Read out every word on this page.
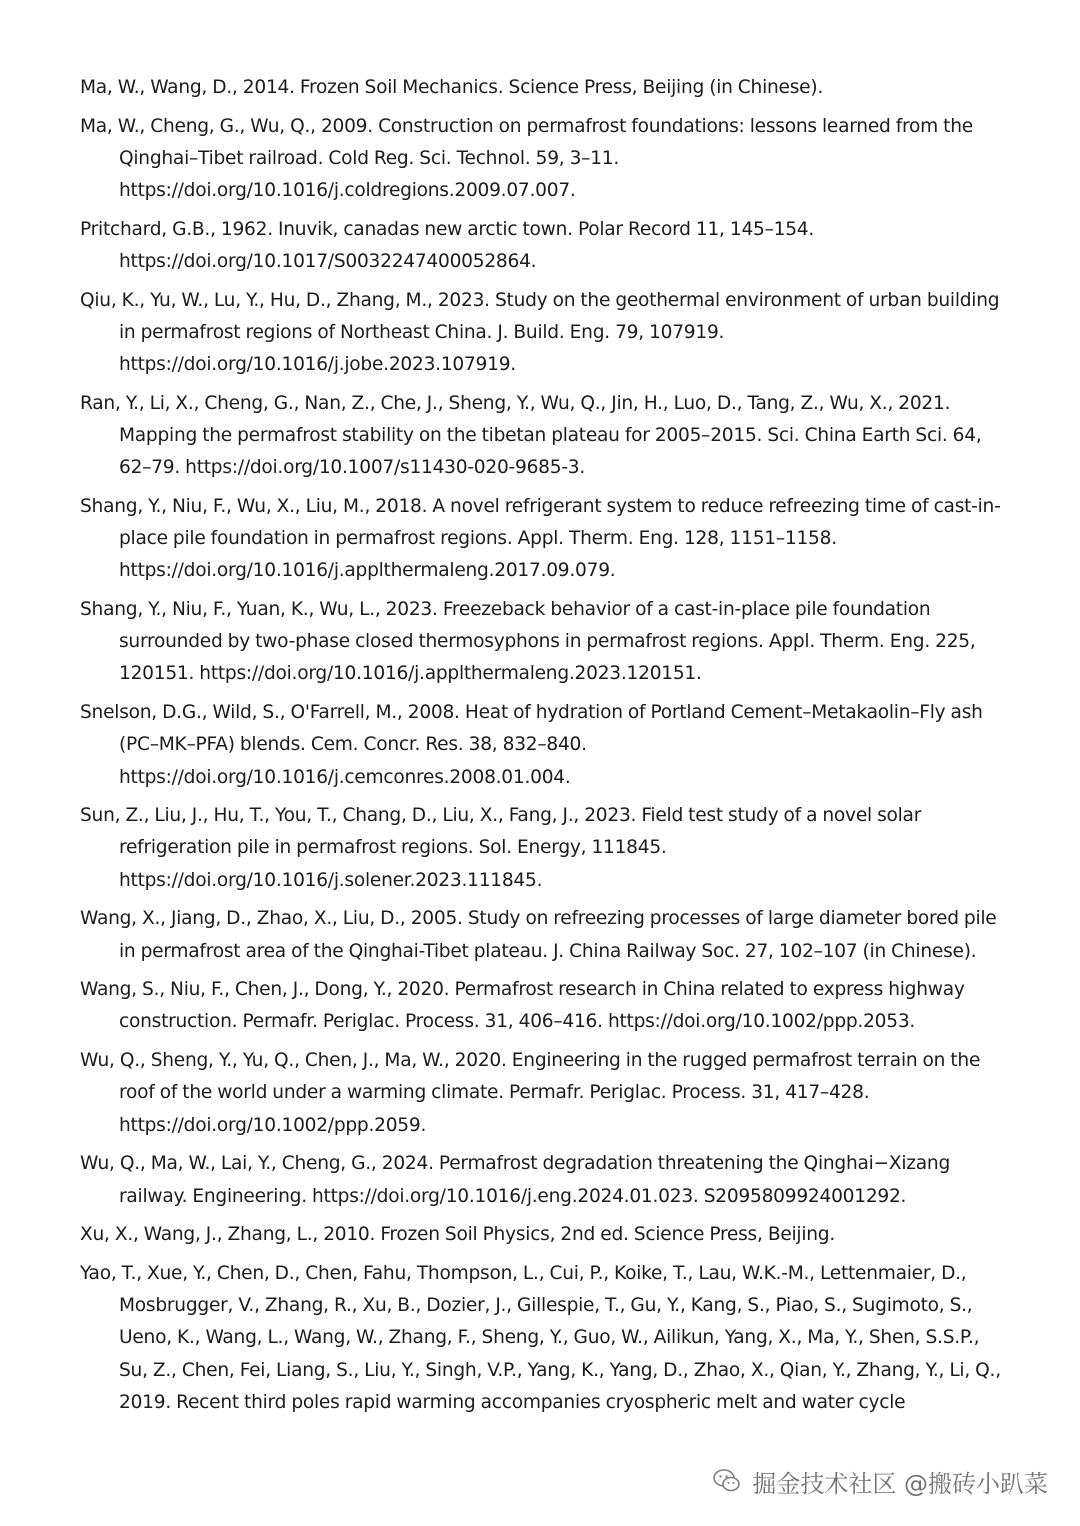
Ma, W., Wang, D., 2014. Frozen Soil Mechanics. Science Press, Beijing (in Chinese).
Ma, W., Cheng, G., Wu, Q., 2009. Construction on permafrost foundations: lessons learned from the Qinghai–Tibet railroad. Cold Reg. Sci. Technol. 59, 3–11. https://doi.org/10.1016/j.coldregions.2009.07.007.
Pritchard, G.B., 1962. Inuvik, canadas new arctic town. Polar Record 11, 145–154. https://doi.org/10.1017/S0032247400052864.
Qiu, K., Yu, W., Lu, Y., Hu, D., Zhang, M., 2023. Study on the geothermal environment of urban building in permafrost regions of Northeast China. J. Build. Eng. 79, 107919. https://doi.org/10.1016/j.jobe.2023.107919.
Ran, Y., Li, X., Cheng, G., Nan, Z., Che, J., Sheng, Y., Wu, Q., Jin, H., Luo, D., Tang, Z., Wu, X., 2021. Mapping the permafrost stability on the tibetan plateau for 2005–2015. Sci. China Earth Sci. 64, 62–79. https://doi.org/10.1007/s11430-020-9685-3.
Shang, Y., Niu, F., Wu, X., Liu, M., 2018. A novel refrigerant system to reduce refreezing time of cast-in-place pile foundation in permafrost regions. Appl. Therm. Eng. 128, 1151–1158. https://doi.org/10.1016/j.applthermaleng.2017.09.079.
Shang, Y., Niu, F., Yuan, K., Wu, L., 2023. Freezeback behavior of a cast-in-place pile foundation surrounded by two-phase closed thermosyphons in permafrost regions. Appl. Therm. Eng. 225, 120151. https://doi.org/10.1016/j.applthermaleng.2023.120151.
Snelson, D.G., Wild, S., O'Farrell, M., 2008. Heat of hydration of Portland Cement–Metakaolin–Fly ash (PC–MK–PFA) blends. Cem. Concr. Res. 38, 832–840. https://doi.org/10.1016/j.cemconres.2008.01.004.
Sun, Z., Liu, J., Hu, T., You, T., Chang, D., Liu, X., Fang, J., 2023. Field test study of a novel solar refrigeration pile in permafrost regions. Sol. Energy, 111845. https://doi.org/10.1016/j.solener.2023.111845.
Wang, X., Jiang, D., Zhao, X., Liu, D., 2005. Study on refreezing processes of large diameter bored pile in permafrost area of the Qinghai-Tibet plateau. J. China Railway Soc. 27, 102–107 (in Chinese).
Wang, S., Niu, F., Chen, J., Dong, Y., 2020. Permafrost research in China related to express highway construction. Permafr. Periglac. Process. 31, 406–416. https://doi.org/10.1002/ppp.2053.
Wu, Q., Sheng, Y., Yu, Q., Chen, J., Ma, W., 2020. Engineering in the rugged permafrost terrain on the roof of the world under a warming climate. Permafr. Periglac. Process. 31, 417–428. https://doi.org/10.1002/ppp.2059.
Wu, Q., Ma, W., Lai, Y., Cheng, G., 2024. Permafrost degradation threatening the Qinghai−Xizang railway. Engineering. https://doi.org/10.1016/j.eng.2024.01.023. S2095809924001292.
Xu, X., Wang, J., Zhang, L., 2010. Frozen Soil Physics, 2nd ed. Science Press, Beijing.
Yao, T., Xue, Y., Chen, D., Chen, Fahu, Thompson, L., Cui, P., Koike, T., Lau, W.K.-M., Lettenmaier, D., Mosbrugger, V., Zhang, R., Xu, B., Dozier, J., Gillespie, T., Gu, Y., Kang, S., Piao, S., Sugimoto, S., Ueno, K., Wang, L., Wang, W., Zhang, F., Sheng, Y., Guo, W., Ailikun, Yang, X., Ma, Y., Shen, S.S.P., Su, Z., Chen, Fei, Liang, S., Liu, Y., Singh, V.P., Yang, K., Yang, D., Zhao, X., Qian, Y., Zhang, Y., Li, Q., 2019. Recent third poles rapid warming accompanies cryospheric melt and water cycle
掘金技术社区 @搬砖小趴菜
